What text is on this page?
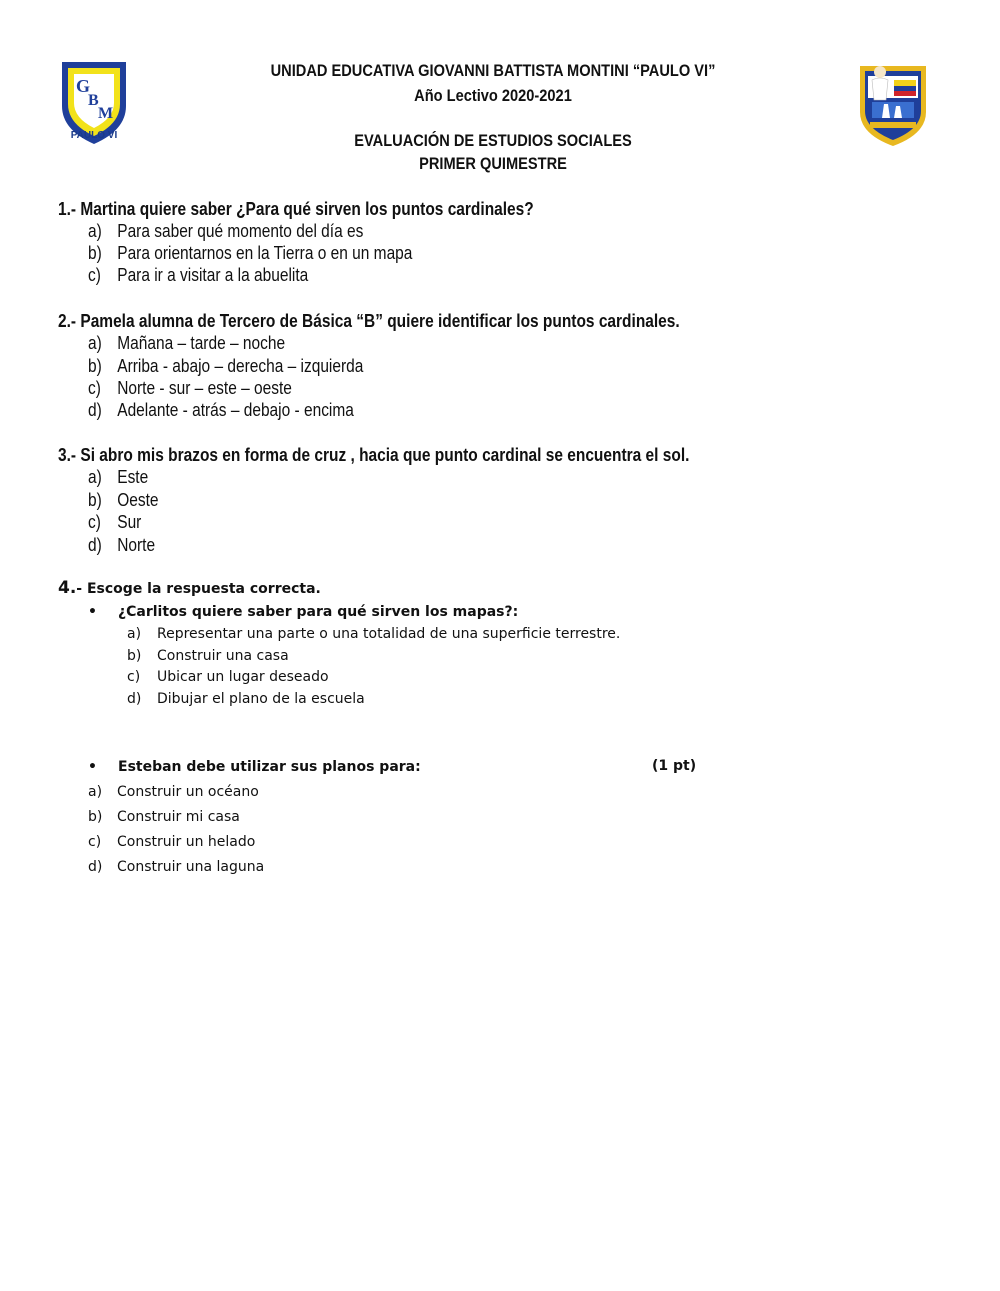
G
B
M
PAULO VI
UNIDAD EDUCATIVA GIOVANNI BATTISTA MONTINI “PAULO VI”
Año Lectivo 2020-2021
EVALUACIÓN DE ESTUDIOS SOCIALES
PRIMER QUIMESTRE
1.- Martina quiere saber ¿Para qué sirven los puntos cardinales?
a) Para saber qué momento del día es
b) Para orientarnos en la Tierra o en un mapa
c) Para ir a visitar a la abuelita
2.- Pamela alumna de Tercero de Básica “B” quiere identificar los puntos cardinales.
a) Mañana – tarde – noche
b) Arriba - abajo – derecha – izquierda
c) Norte - sur – este – oeste
d) Adelante - atrás – debajo - encima
3.- Si abro mis brazos en forma de cruz , hacia que punto cardinal se encuentra el sol.
a) Este
b) Oeste
c) Sur
d) Norte
4.- Escoge la respuesta correcta.
• ¿Carlitos quiere saber para qué sirven los mapas?:
a) Representar una parte o una totalidad de una superficie terrestre.
b) Construir una casa
c) Ubicar un lugar deseado
d) Dibujar el plano de la escuela
• Esteban debe utilizar sus planos para:	(1 pt)
a) Construir un océano
b) Construir mi casa
c) Construir un helado
d) Construir una laguna
